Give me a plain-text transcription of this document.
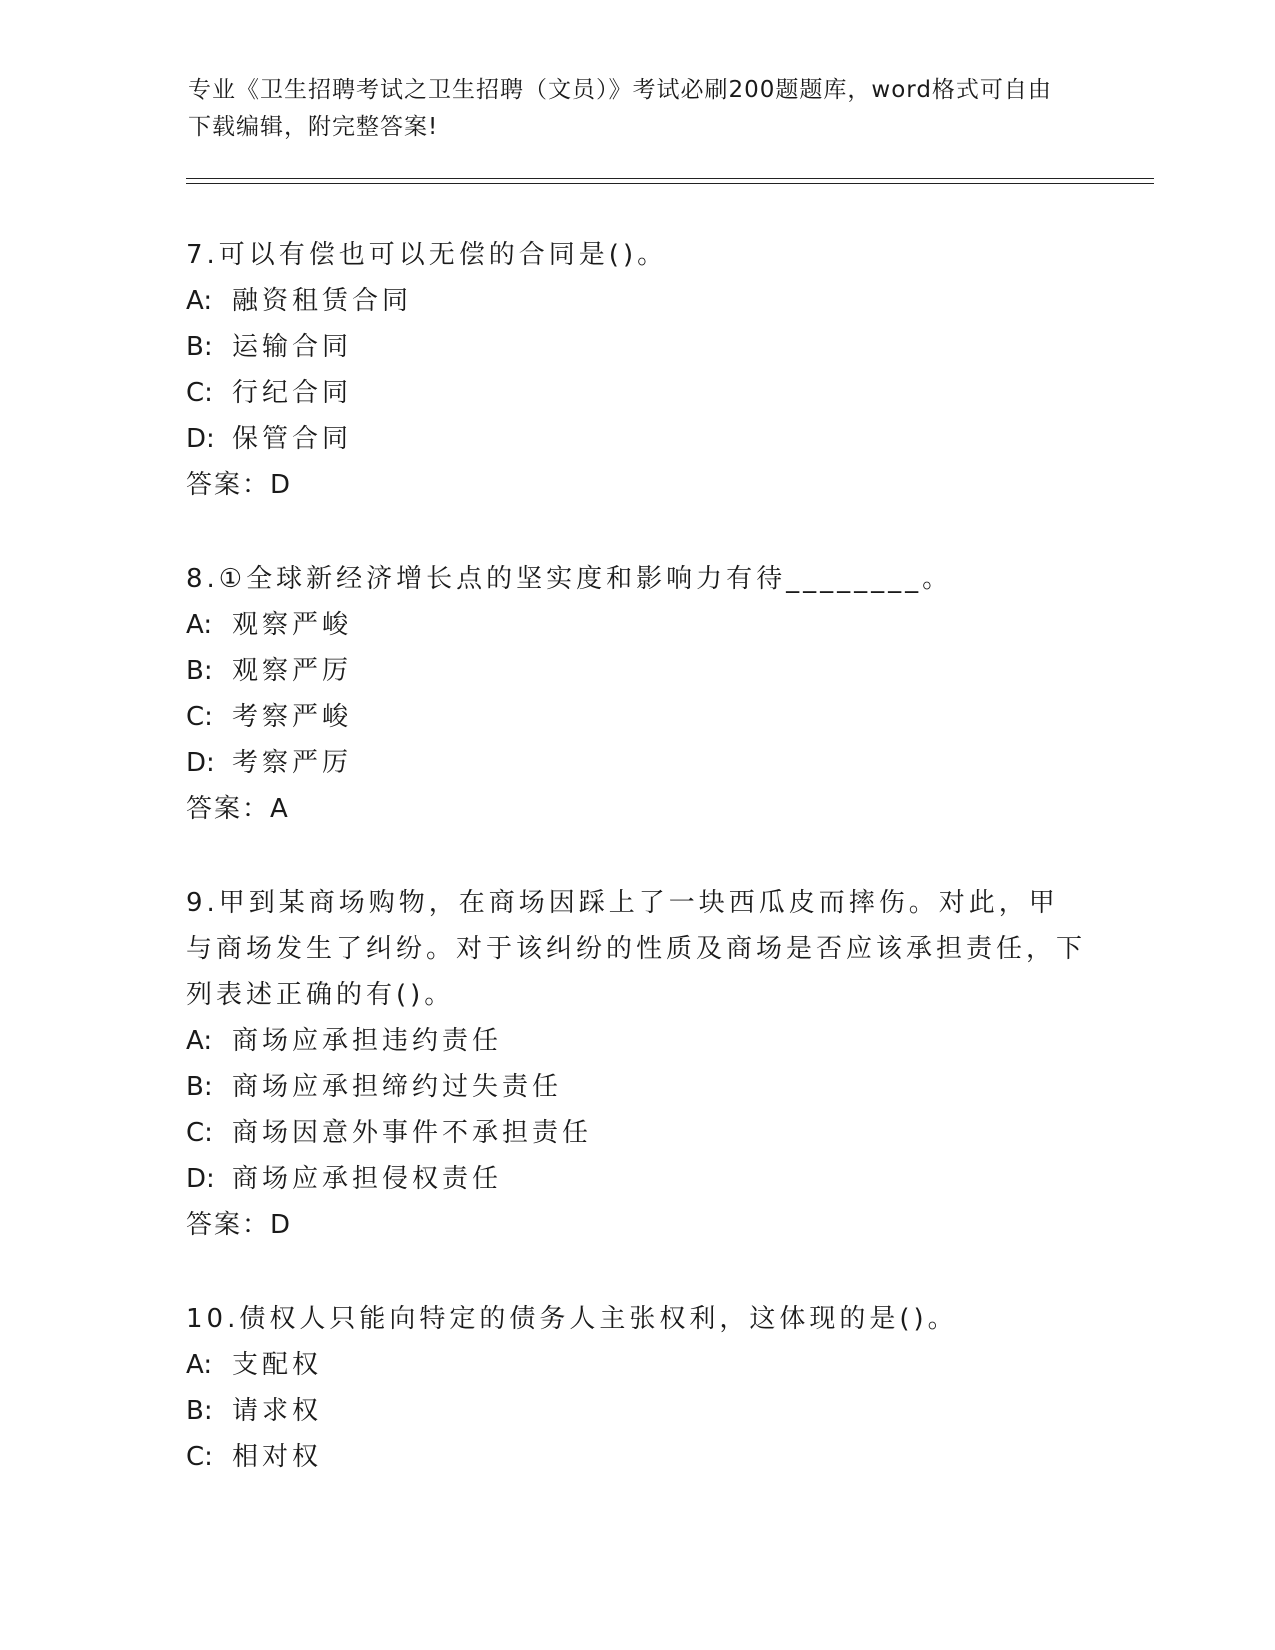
专业《卫生招聘考试之卫生招聘（文员）》考试必刷200题题库，word格式可自由下载编辑，附完整答案!
7.可以有偿也可以无偿的合同是()。
A: 融资租赁合同
B: 运输合同
C: 行纪合同
D: 保管合同
答案：D
8.①全球新经济增长点的坚实度和影响力有待________。
A: 观察严峻
B: 观察严厉
C: 考察严峻
D: 考察严厉
答案：A
9.甲到某商场购物，在商场因踩上了一块西瓜皮而摔伤。对此，甲与商场发生了纠纷。对于该纠纷的性质及商场是否应该承担责任，下列表述正确的有()。
A: 商场应承担违约责任
B: 商场应承担缔约过失责任
C: 商场因意外事件不承担责任
D: 商场应承担侵权责任
答案：D
10.债权人只能向特定的债务人主张权利，这体现的是()。
A: 支配权
B: 请求权
C: 相对权
